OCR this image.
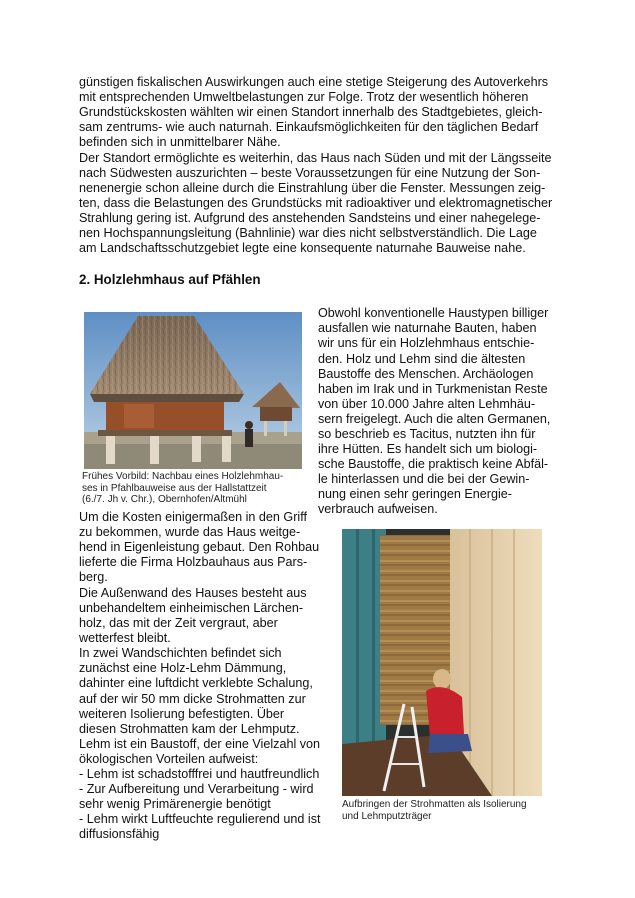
günstigen fiskalischen Auswirkungen auch eine stetige Steigerung des Autoverkehrs
mit entsprechenden Umweltbelastungen zur Folge. Trotz der wesentlich höheren
Grundstückskosten wählten wir einen Standort innerhalb des Stadtgebietes, gleich-
sam zentrums- wie auch naturnah. Einkaufsmöglichkeiten für den täglichen Bedarf
befinden sich in unmittelbarer Nähe.
Der Standort ermöglichte es weiterhin, das Haus nach Süden und mit der Längsseite
nach Südwesten auszurichten – beste Voraussetzungen für eine Nutzung der Son-
nenenergie schon alleine durch die Einstrahlung über die Fenster. Messungen zeig-
ten, dass die Belastungen des Grundstücks mit radioaktiver und elektromagnetischer
Strahlung gering ist. Aufgrund des anstehenden Sandsteins und einer nahegelege-
nen Hochspannungsleitung (Bahnlinie) war dies nicht selbstverständlich. Die Lage
am Landschaftsschutzgebiet legte eine konsequente naturnahe Bauweise nahe.
2. Holzlehmhaus auf Pfählen
Frühes Vorbild: Nachbau eines Holzlehmhau-
ses in Pfahlbauweise aus der Hallstattzeit
(6./7. Jh v. Chr.), Obernhofen/Altmühl
Obwohl konventionelle Haustypen billiger
ausfallen wie naturnahe Bauten, haben
wir uns für ein Holzlehmhaus entschie-
den. Holz und Lehm sind die ältesten
Baustoffe des Menschen. Archäologen
haben im Irak und in Turkmenistan Reste
von über 10.000 Jahre alten Lehmhäu-
sern freigelegt. Auch die alten Germanen,
so beschrieb es Tacitus, nutzten ihn für
ihre Hütten. Es handelt sich um biologi-
sche Baustoffe, die praktisch keine Abfäl-
le hinterlassen und die bei der Gewin-
nung einen sehr geringen Energie-
verbrauch aufweisen.
Um die Kosten einigermaßen in den Griff
zu bekommen, wurde das Haus weitge-
hend in Eigenleistung gebaut. Den Rohbau
lieferte die Firma Holzbauhaus aus Pars-
berg.
Die Außenwand des Hauses besteht aus
unbehandeltem einheimischen Lärchen-
holz, das mit der Zeit vergraut, aber
wetterfest bleibt.
In zwei Wandschichten befindet sich
zunächst eine Holz-Lehm Dämmung,
dahinter eine luftdicht verklebte Schalung,
auf der wir 50 mm dicke Strohmatten zur
weiteren Isolierung befestigten. Über
diesen Strohmatten kam der Lehmputz.
Lehm ist ein Baustoff, der eine Vielzahl von
ökologischen Vorteilen aufweist:
- Lehm ist schadstofffrei und hautfreundlich
- Zur Aufbereitung und Verarbeitung - wird
sehr wenig Primärenergie benötigt
- Lehm wirkt Luftfeuchte regulierend und ist
diffusionsfähig
Aufbringen der Strohmatten als Isolierung
und Lehmputzträger
